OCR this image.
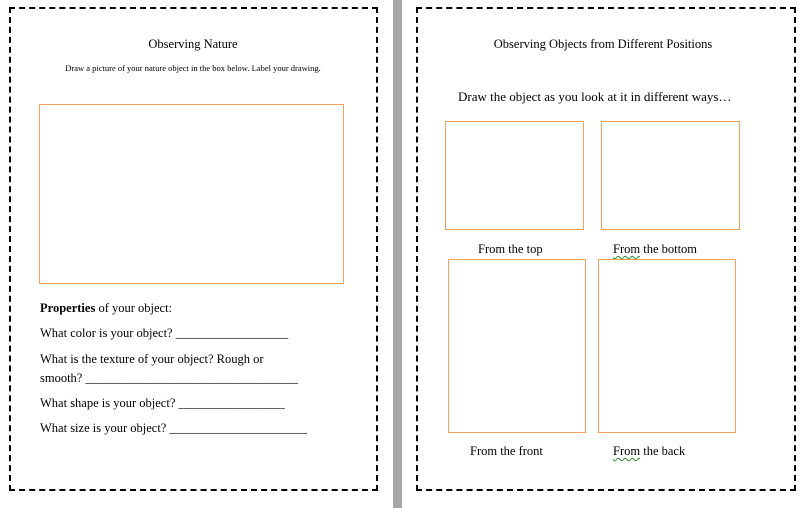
Observing Nature
Draw a picture of your nature object in the box below. Label your drawing.
Properties of your object:
What color is your object? __________________
What is the texture of your object? Rough or
smooth? __________________________________
What shape is your object? _________________
What size is your object? ______________________
Observing Objects from Different Positions
Draw the object as you look at it in different ways…
From the top	From the bottom
From the front	From the back
